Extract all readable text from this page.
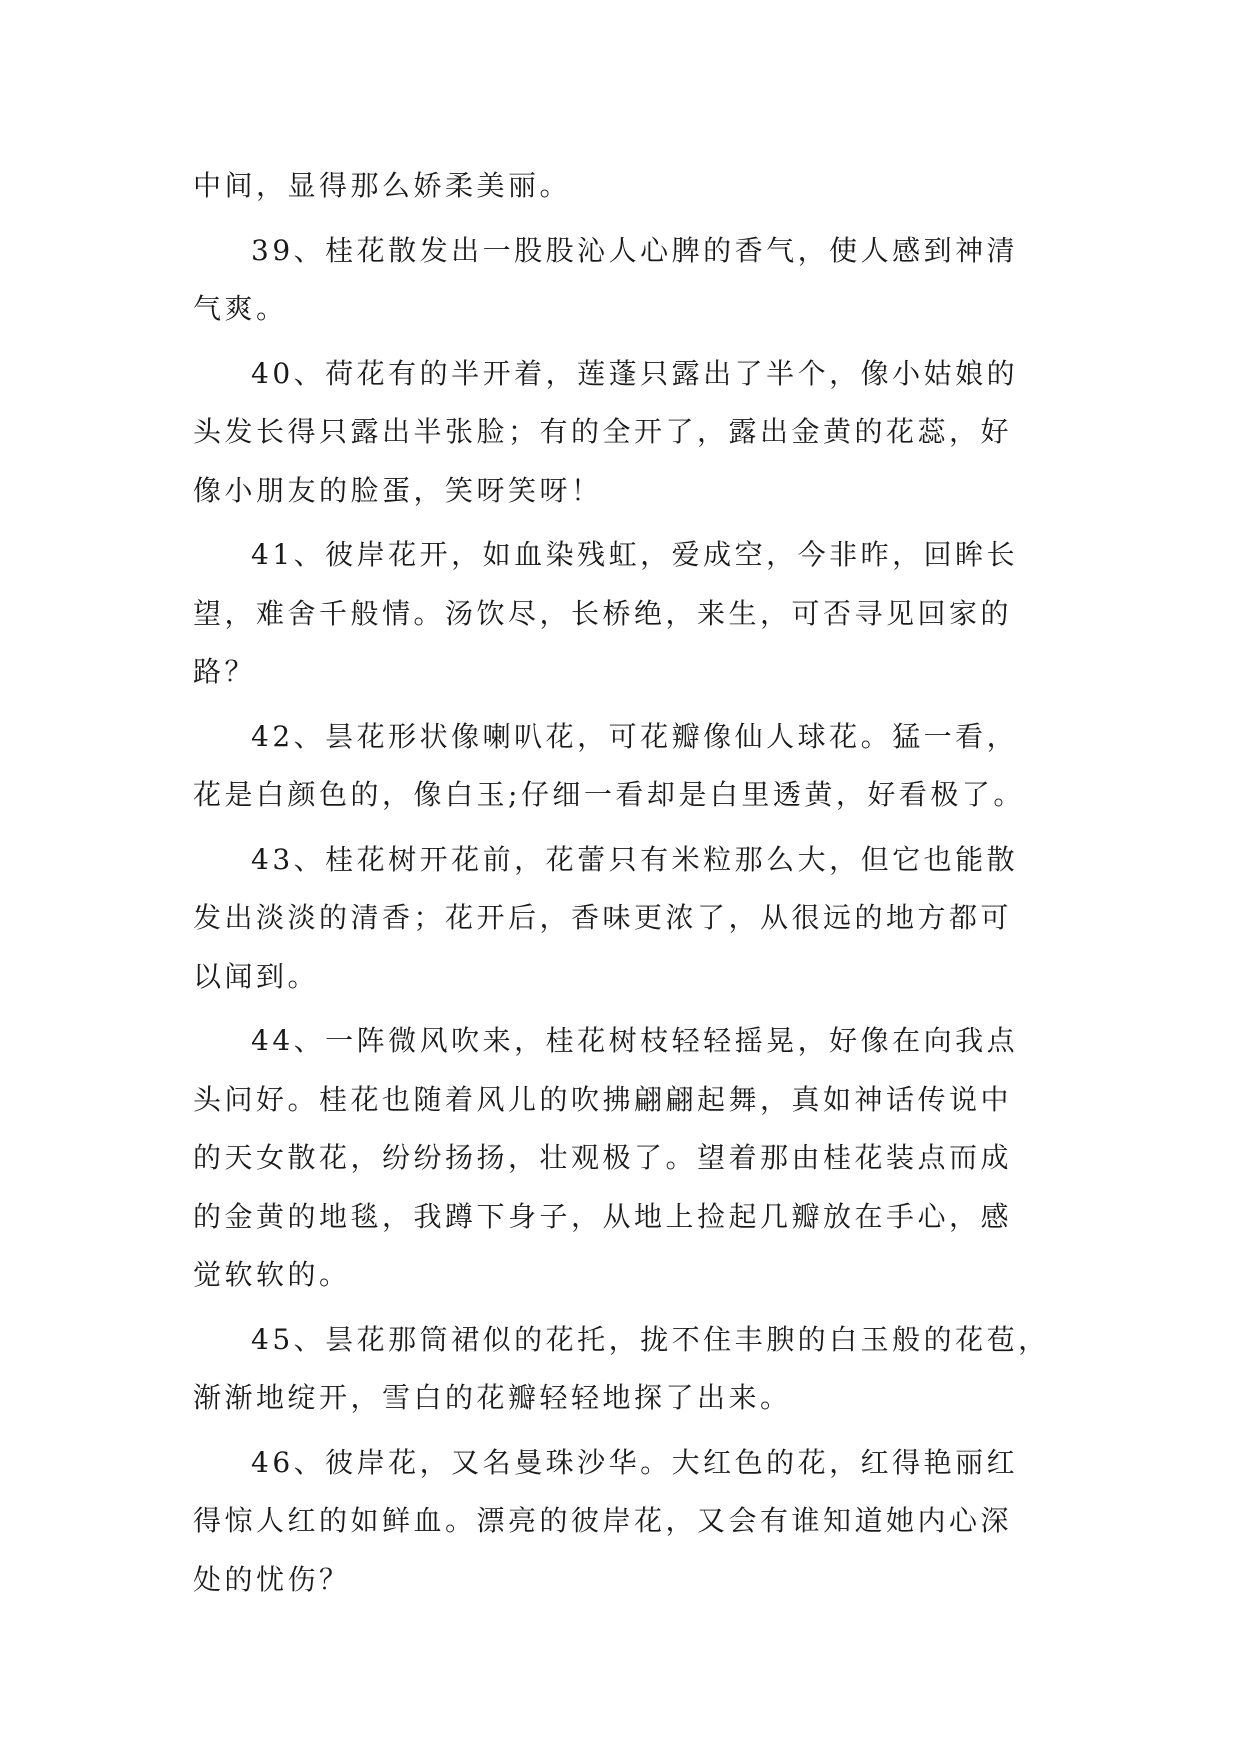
中间，显得那么娇柔美丽。
39、桂花散发出一股股沁人心脾的香气，使人感到神清
气爽。
40、荷花有的半开着，莲蓬只露出了半个，像小姑娘的
头发长得只露出半张脸；有的全开了，露出金黄的花蕊，好
像小朋友的脸蛋，笑呀笑呀！
41、彼岸花开，如血染残虹，爱成空，今非昨，回眸长
望，难舍千般情。汤饮尽，长桥绝，来生，可否寻见回家的
路？
42、昙花形状像喇叭花，可花瓣像仙人球花。猛一看，
花是白颜色的，像白玉;仔细一看却是白里透黄，好看极了。
43、桂花树开花前，花蕾只有米粒那么大，但它也能散
发出淡淡的清香；花开后，香味更浓了，从很远的地方都可
以闻到。
44、一阵微风吹来，桂花树枝轻轻摇晃，好像在向我点
头问好。桂花也随着风儿的吹拂翩翩起舞，真如神话传说中
的天女散花，纷纷扬扬，壮观极了。望着那由桂花装点而成
的金黄的地毯，我蹲下身子，从地上捡起几瓣放在手心，感
觉软软的。
45、昙花那筒裙似的花托，拢不住丰腴的白玉般的花苞，
渐渐地绽开，雪白的花瓣轻轻地探了出来。
46、彼岸花，又名曼珠沙华。大红色的花，红得艳丽红
得惊人红的如鲜血。漂亮的彼岸花，又会有谁知道她内心深
处的忧伤？
